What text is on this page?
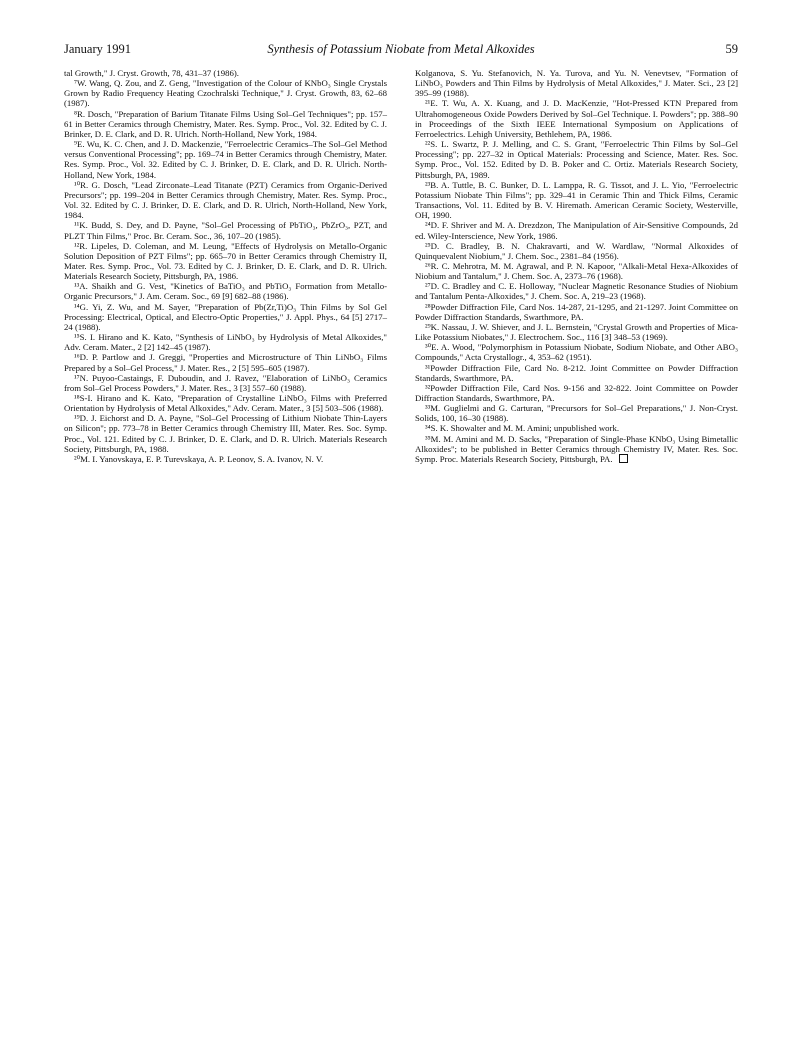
January 1991	Synthesis of Potassium Niobate from Metal Alkoxides	59

tal Growth," J. Cryst. Growth, 78, 431–37 (1986).

⁷W. Wang, Q. Zou, and Z. Geng, "Investigation of the Colour of KNbO₃ Single Crystals Grown by Radio Frequency Heating Czochralski Technique," J. Cryst. Growth, 83, 62–68 (1987).

⁸R. Dosch, "Preparation of Barium Titanate Films Using Sol–Gel Techniques"; pp. 157–61 in Better Ceramics through Chemistry, Mater. Res. Symp. Proc., Vol. 32. Edited by C. J. Brinker, D. E. Clark, and D. R. Ulrich. North-Holland, New York, 1984.

⁹E. Wu, K. C. Chen, and J. D. Mackenzie, "Ferroelectric Ceramics–The Sol–Gel Method versus Conventional Processing"; pp. 169–74 in Better Ceramics through Chemistry, Mater. Res. Symp. Proc., Vol. 32. Edited by C. J. Brinker, D. E. Clark, and D. R. Ulrich. North-Holland, New York, 1984.

¹⁰R. G. Dosch, "Lead Zirconate–Lead Titanate (PZT) Ceramics from Organic-Derived Precursors"; pp. 199–204 in Better Ceramics through Chemistry, Mater. Res. Symp. Proc., Vol. 32. Edited by C. J. Brinker, D. E. Clark, and D. R. Ulrich, North-Holland, New York, 1984.

¹¹K. Budd, S. Dey, and D. Payne, "Sol–Gel Processing of PbTiO₃, PbZrO₃, PZT, and PLZT Thin Films," Proc. Br. Ceram. Soc., 36, 107–20 (1985).

¹²R. Lipeles, D. Coleman, and M. Leung, "Effects of Hydrolysis on Metallo-Organic Solution Deposition of PZT Films"; pp. 665–70 in Better Ceramics through Chemistry II, Mater. Res. Symp. Proc., Vol. 73. Edited by C. J. Brinker, D. E. Clark, and D. R. Ulrich. Materials Research Society, Pittsburgh, PA, 1986.

¹³A. Shaikh and G. Vest, "Kinetics of BaTiO₃ and PbTiO₃ Formation from Metallo-Organic Precursors," J. Am. Ceram. Soc., 69 [9] 682–88 (1986).

¹⁴G. Yi, Z. Wu, and M. Sayer, "Preparation of Pb(Zr,Ti)O₃ Thin Films by Sol Gel Processing: Electrical, Optical, and Electro-Optic Properties," J. Appl. Phys., 64 [5] 2717–24 (1988).

¹⁵S. I. Hirano and K. Kato, "Synthesis of LiNbO₃ by Hydrolysis of Metal Alkoxides," Adv. Ceram. Mater., 2 [2] 142–45 (1987).

¹⁶D. P. Partlow and J. Greggi, "Properties and Microstructure of Thin LiNbO₃ Films Prepared by a Sol–Gel Process," J. Mater. Res., 2 [5] 595–605 (1987).

¹⁷N. Puyoo-Castaings, F. Duboudin, and J. Ravez, "Elaboration of LiNbO₃ Ceramics from Sol–Gel Process Powders," J. Mater. Res., 3 [3] 557–60 (1988).

¹⁸S-I. Hirano and K. Kato, "Preparation of Crystalline LiNbO₃ Films with Preferred Orientation by Hydrolysis of Metal Alkoxides," Adv. Ceram. Mater., 3 [5] 503–506 (1988).

¹⁹D. J. Eichorst and D. A. Payne, "Sol–Gel Processing of Lithium Niobate Thin-Layers on Silicon"; pp. 773–78 in Better Ceramics through Chemistry III, Mater. Res. Soc. Symp. Proc., Vol. 121. Edited by C. J. Brinker, D. E. Clark, and D. R. Ulrich. Materials Research Society, Pittsburgh, PA, 1988.

²⁰M. I. Yanovskaya, E. P. Turevskaya, A. P. Leonov, S. A. Ivanov, N. V.

Kolganova, S. Yu. Stefanovich, N. Ya. Turova, and Yu. N. Venevtsev, "Formation of LiNbO₃ Powders and Thin Films by Hydrolysis of Metal Alkoxides," J. Mater. Sci., 23 [2] 395–99 (1988).

²¹E. T. Wu, A. X. Kuang, and J. D. MacKenzie, "Hot-Pressed KTN Prepared from Ultrahomogeneous Oxide Powders Derived by Sol–Gel Technique. I. Powders"; pp. 388–90 in Proceedings of the Sixth IEEE International Symposium on Applications of Ferroelectrics. Lehigh University, Bethlehem, PA, 1986.

²²S. L. Swartz, P. J. Melling, and C. S. Grant, "Ferroelectric Thin Films by Sol–Gel Processing"; pp. 227–32 in Optical Materials: Processing and Science, Mater. Res. Soc. Symp. Proc., Vol. 152. Edited by D. B. Poker and C. Ortiz. Materials Research Society, Pittsburgh, PA, 1989.

²³B. A. Tuttle, B. C. Bunker, D. L. Lamppa, R. G. Tissot, and J. L. Yio, "Ferroelectric Potassium Niobate Thin Films"; pp. 329–41 in Ceramic Thin and Thick Films, Ceramic Transactions, Vol. 11. Edited by B. V. Hiremath. American Ceramic Society, Westerville, OH, 1990.

²⁴D. F. Shriver and M. A. Drezdzon, The Manipulation of Air-Sensitive Compounds, 2d ed. Wiley-Interscience, New York, 1986.

²⁵D. C. Bradley, B. N. Chakravarti, and W. Wardlaw, "Normal Alkoxides of Quinquevalent Niobium," J. Chem. Soc., 2381–84 (1956).

²⁶R. C. Mehrotra, M. M. Agrawal, and P. N. Kapoor, "Alkali-Metal Hexa-Alkoxides of Niobium and Tantalum," J. Chem. Soc. A, 2373–76 (1968).

²⁷D. C. Bradley and C. E. Holloway, "Nuclear Magnetic Resonance Studies of Niobium and Tantalum Penta-Alkoxides," J. Chem. Soc. A, 219–23 (1968).

²⁸Powder Diffraction File, Card Nos. 14-287, 21-1295, and 21-1297. Joint Committee on Powder Diffraction Standards, Swarthmore, PA.

²⁹K. Nassau, J. W. Shiever, and J. L. Bernstein, "Crystal Growth and Properties of Mica-Like Potassium Niobates," J. Electrochem. Soc., 116 [3] 348–53 (1969).

³⁰E. A. Wood, "Polymorphism in Potassium Niobate, Sodium Niobate, and Other ABO₃ Compounds," Acta Crystallogr., 4, 353–62 (1951).

³¹Powder Diffraction File, Card No. 8-212. Joint Committee on Powder Diffraction Standards, Swarthmore, PA.

³²Powder Diffraction File, Card Nos. 9-156 and 32-822. Joint Committee on Powder Diffraction Standards, Swarthmore, PA.

³³M. Guglielmi and G. Carturan, "Precursors for Sol–Gel Preparations," J. Non-Cryst. Solids, 100, 16–30 (1988).

³⁴S. K. Showalter and M. M. Amini; unpublished work.

³⁵M. M. Amini and M. D. Sacks, "Preparation of Single-Phase KNbO₃ Using Bimetallic Alkoxides"; to be published in Better Ceramics through Chemistry IV, Mater. Res. Soc. Symp. Proc. Materials Research Society, Pittsburgh, PA.
